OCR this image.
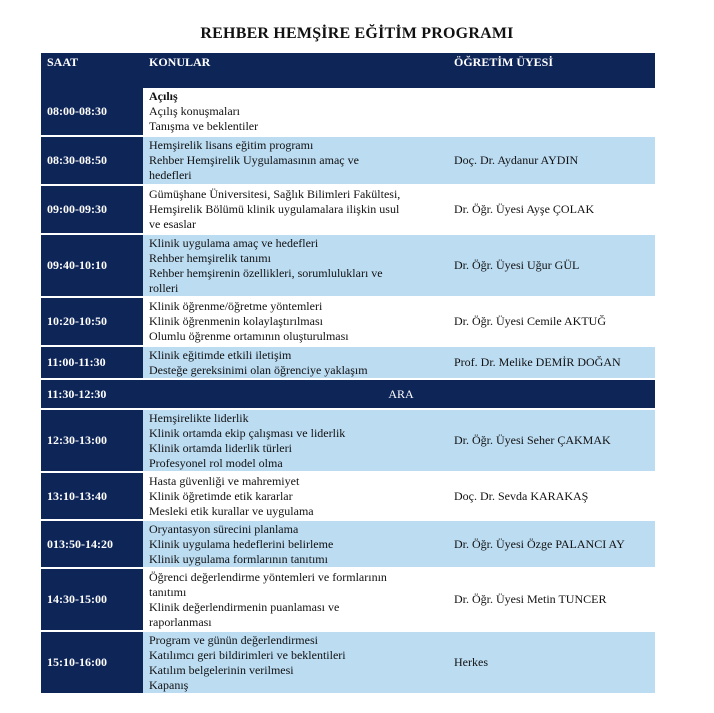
REHBER HEMŞİRE EĞİTİM PROGRAMI
SAAT	KONULAR	ÖĞRETİM ÜYESİ
08:00-08:30	Açılış
Açılış konuşmaları
Tanışma ve beklentiler	

08:30-08:50	Hemşirelik lisans eğitim programı
Rehber Hemşirelik Uygulamasının amaç ve
hedefleri	Doç. Dr. Aydanur AYDIN
09:00-09:30	Gümüşhane Üniversitesi, Sağlık Bilimleri Fakültesi,
Hemşirelik Bölümü klinik uygulamalara ilişkin usul
ve esaslar	Dr. Öğr. Üyesi Ayşe ÇOLAK
09:40-10:10	Klinik uygulama amaç ve hedefleri
Rehber hemşirelik tanımı
Rehber hemşirenin özellikleri, sorumlulukları ve
rolleri	Dr. Öğr. Üyesi Uğur GÜL
10:20-10:50	Klinik öğrenme/öğretme yöntemleri
Klinik öğrenmenin kolaylaştırılması
Olumlu öğrenme ortamının oluşturulması	Dr. Öğr. Üyesi Cemile AKTUĞ
11:00-11:30	Klinik eğitimde etkili iletişim
Desteğe gereksinimi olan öğrenciye yaklaşım	Prof. Dr. Melike DEMİR DOĞAN
11:30-12:30	ARA	
12:30-13:00	Hemşirelikte liderlik
Klinik ortamda ekip çalışması ve liderlik
Klinik ortamda liderlik türleri
Profesyonel rol model olma	Dr. Öğr. Üyesi Seher ÇAKMAK
13:10-13:40	Hasta güvenliği ve mahremiyet
Klinik öğretimde etik kararlar
Mesleki etik kurallar ve uygulama	Doç. Dr. Sevda KARAKAŞ
013:50-14:20	Oryantasyon sürecini planlama
Klinik uygulama hedeflerini belirleme
Klinik uygulama formlarının tanıtımı	Dr. Öğr. Üyesi Özge PALANCI AY
14:30-15:00	Öğrenci değerlendirme yöntemleri ve formlarının
tanıtımı
Klinik değerlendirmenin puanlaması ve
raporlanması	Dr. Öğr. Üyesi Metin TUNCER
15:10-16:00	Program ve günün değerlendirmesi
Katılımcı geri bildirimleri ve beklentileri
Katılım belgelerinin verilmesi
Kapanış	Herkes
